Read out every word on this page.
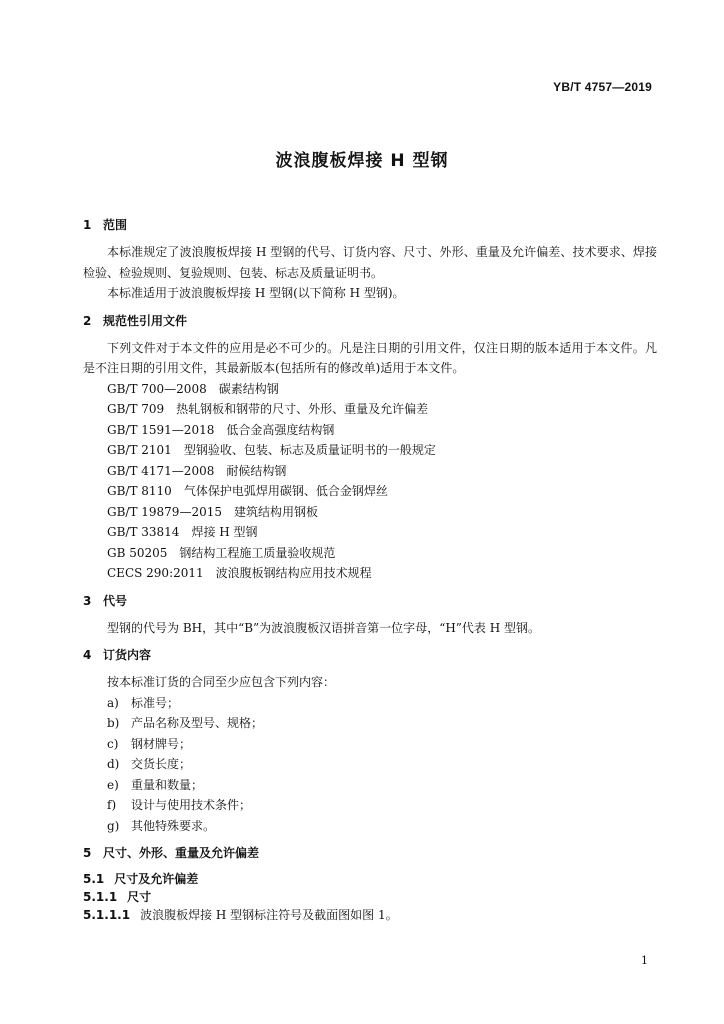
YB/T 4757—2019
波浪腹板焊接 H 型钢
1 范围
本标准规定了波浪腹板焊接 H 型钢的代号、订货内容、尺寸、外形、重量及允许偏差、技术要求、焊接检验、检验规则、复验规则、包装、标志及质量证明书。
本标准适用于波浪腹板焊接 H 型钢(以下简称 H 型钢)。
2 规范性引用文件
下列文件对于本文件的应用是必不可少的。凡是注日期的引用文件，仅注日期的版本适用于本文件。凡是不注日期的引用文件，其最新版本(包括所有的修改单)适用于本文件。
GB/T 700—2008 碳素结构钢
GB/T 709 热轧钢板和钢带的尺寸、外形、重量及允许偏差
GB/T 1591—2018 低合金高强度结构钢
GB/T 2101 型钢验收、包装、标志及质量证明书的一般规定
GB/T 4171—2008 耐候结构钢
GB/T 8110 气体保护电弧焊用碳钢、低合金钢焊丝
GB/T 19879—2015 建筑结构用钢板
GB/T 33814 焊接 H 型钢
GB 50205 钢结构工程施工质量验收规范
CECS 290:2011 波浪腹板钢结构应用技术规程
3 代号
型钢的代号为 BH，其中“B”为波浪腹板汉语拼音第一位字母，“H”代表 H 型钢。
4 订货内容
按本标准订货的合同至少应包含下列内容：
a) 标准号；
b) 产品名称及型号、规格；
c) 钢材牌号；
d) 交货长度；
e) 重量和数量；
f) 设计与使用技术条件；
g) 其他特殊要求。
5 尺寸、外形、重量及允许偏差
5.1 尺寸及允许偏差
5.1.1 尺寸
5.1.1.1 波浪腹板焊接 H 型钢标注符号及截面图如图 1。
1
